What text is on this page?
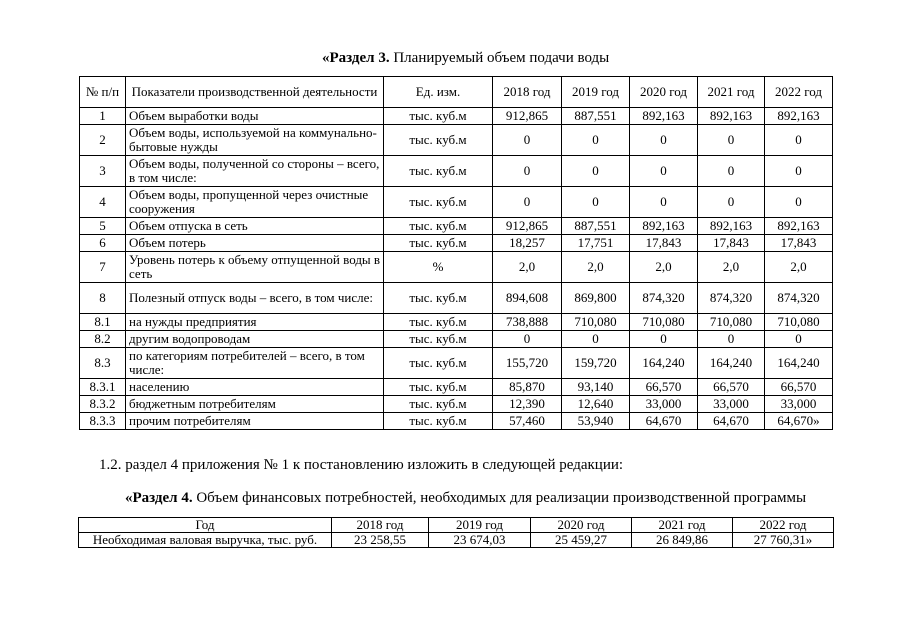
«Раздел 3. Планируемый объем подачи воды
№ п/п	Показатели производственной деятельности	Ед. изм.	2018 год	2019 год	2020 год	2021 год	2022 год
1	Объем выработки воды	тыс. куб.м	912,865	887,551	892,163	892,163	892,163
2	Объем воды, используемой на коммунально-бытовые нужды	тыс. куб.м	0	0	0	0	0
3	Объем воды, полученной со стороны – всего, в том числе:	тыс. куб.м	0	0	0	0	0
4	Объем воды, пропущенной через очистные сооружения	тыс. куб.м	0	0	0	0	0
5	Объем отпуска в сеть	тыс. куб.м	912,865	887,551	892,163	892,163	892,163
6	Объем потерь	тыс. куб.м	18,257	17,751	17,843	17,843	17,843
7	Уровень потерь к объему отпущенной воды в сеть	%	2,0	2,0	2,0	2,0	2,0
8	Полезный отпуск воды – всего, в том числе:	тыс. куб.м	894,608	869,800	874,320	874,320	874,320
8.1	на нужды предприятия	тыс. куб.м	738,888	710,080	710,080	710,080	710,080
8.2	другим водопроводам	тыс. куб.м	0	0	0	0	0
8.3	по категориям потребителей – всего, в том числе:	тыс. куб.м	155,720	159,720	164,240	164,240	164,240
8.3.1	населению	тыс. куб.м	85,870	93,140	66,570	66,570	66,570
8.3.2	бюджетным потребителям	тыс. куб.м	12,390	12,640	33,000	33,000	33,000
8.3.3	прочим потребителям	тыс. куб.м	57,460	53,940	64,670	64,670	64,670»
1.2. раздел 4 приложения № 1 к постановлению изложить в следующей редакции:
«Раздел 4. Объем финансовых потребностей, необходимых для реализации производственной программы
Год	2018 год	2019 год	2020 год	2021 год	2022 год
Необходимая валовая выручка, тыс. руб.	23 258,55	23 674,03	25 459,27	26 849,86	27 760,31»
